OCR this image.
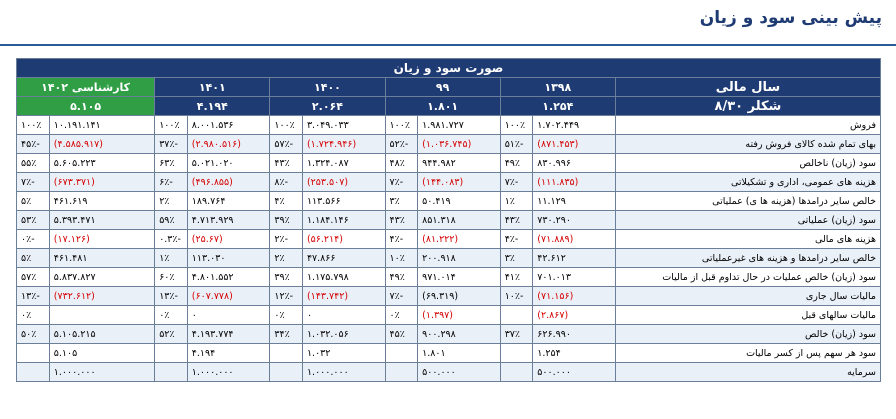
پیش بینی سود و زیان
صورت سود و زیان										
سال مالی	۱۳۹۸		۹۹		۱۴۰۰		۱۴۰۱		کارشناسی ۱۴۰۲	
شکلر ۸/۳۰	۱.۲۵۴		۱.۸۰۱		۲.۰۶۴		۴.۱۹۴		۵.۱۰۵	
فروش	۱.۷۰۲.۴۴۹	۱۰۰٪	۱.۹۸۱.۷۲۷	۱۰۰٪	۳.۰۴۹.۰۳۳	۱۰۰٪	۸.۰۰۱.۵۳۶	۱۰۰٪	۱۰.۱۹۱.۱۴۱	۱۰۰٪
بهای تمام شده کالای فروش رفته	(۸۷۱.۴۵۳)	-۵۱٪	(۱.۰۳۶.۷۴۵)	-۵۲٪	(۱.۷۲۴.۹۴۶)	-۵۷٪	(۲.۹۸۰.۵۱۶)	-۳۷٪	(۴.۵۸۵.۹۱۷)	-۴۵٪
سود (زیان) ناخالص	۸۳۰.۹۹۶	۴۹٪	۹۴۴.۹۸۲	۴۸٪	۱.۳۲۴.۰۸۷	۴۳٪	۵.۰۲۱.۰۲۰	۶۳٪	۵.۶۰۵.۲۲۳	۵۵٪
هزینه های عمومی، اداری و تشکیلاتی	(۱۱۱.۸۳۵)	-۷٪	(۱۴۴.۰۸۳)	-۷٪	(۲۵۳.۵۰۷)	-۸٪	(۴۹۶.۸۵۵)	-۶٪	(۶۷۳.۳۷۱)	-۷٪
خالص سایر درامدها (هزینه ها ی) عملیاتی	۱۱.۱۲۹	۱٪	۵۰.۴۱۹	۳٪	۱۱۳.۵۶۶	۴٪	۱۸۹.۷۶۴	۲٪	۴۶۱.۶۱۹	۵٪
سود (زیان) عملیاتی	۷۳۰.۲۹۰	۴۳٪	۸۵۱.۳۱۸	۴۳٪	۱.۱۸۴.۱۴۶	۳۹٪	۴.۷۱۳.۹۲۹	۵۹٪	۵.۳۹۳.۴۷۱	۵۳٪
هزینه های مالی	(۷۱.۸۸۹)	-۴٪	(۸۱.۲۲۲)	-۴٪	(۵۶.۲۱۴)	-۲٪	(۲۵.۶۷)	-۰.۳٪	(۱۷.۱۲۶)	-۰٪
خالص سایر درامدها و هزینه های غیرعملیاتی	۴۲.۶۱۲	۳٪	۲۰۰.۹۱۸	۱۰٪	۴۷.۸۶۶	۲٪	۱۱۳.۰۳۰	۱٪	۴۶۱.۴۸۱	۵٪
سود (زیان) خالص عملیات در حال تداوم قبل از مالیات	۷۰۱.۰۱۳	۴۱٪	۹۷۱.۰۱۴	۴۹٪	۱.۱۷۵.۷۹۸	۳۹٪	۴.۸۰۱.۵۵۲	۶۰٪	۵.۸۳۷.۸۲۷	۵۷٪
مالیات سال جاری	(۷۱.۱۵۶)	-۱۰٪	(۶۹.۳۱۹)	-۷٪	(۱۴۳.۷۴۲)	-۱۲٪	(۶۰۷.۷۷۸)	-۱۳٪	(۷۳۲.۶۱۲)	-۱۳٪
مالیات سالهای قبل	(۲.۸۶۷)		(۱.۳۹۷)	۰٪	۰	۰٪	۰	۰٪		۰٪
سود (زیان) خالص	۶۲۶.۹۹۰	۳۷٪	۹۰۰.۲۹۸	۴۵٪	۱.۰۳۲.۰۵۶	۳۴٪	۴.۱۹۳.۷۷۴	۵۲٪	۵.۱۰۵.۲۱۵	۵۰٪
سود هر سهم پس از کسر مالیات	۱.۲۵۴		۱.۸۰۱		۱.۰۳۲		۴.۱۹۴		۵.۱۰۵	
سرمایه	۵۰۰.۰۰۰		۵۰۰.۰۰۰		۱.۰۰۰.۰۰۰		۱.۰۰۰.۰۰۰		۱.۰۰۰.۰۰۰	
